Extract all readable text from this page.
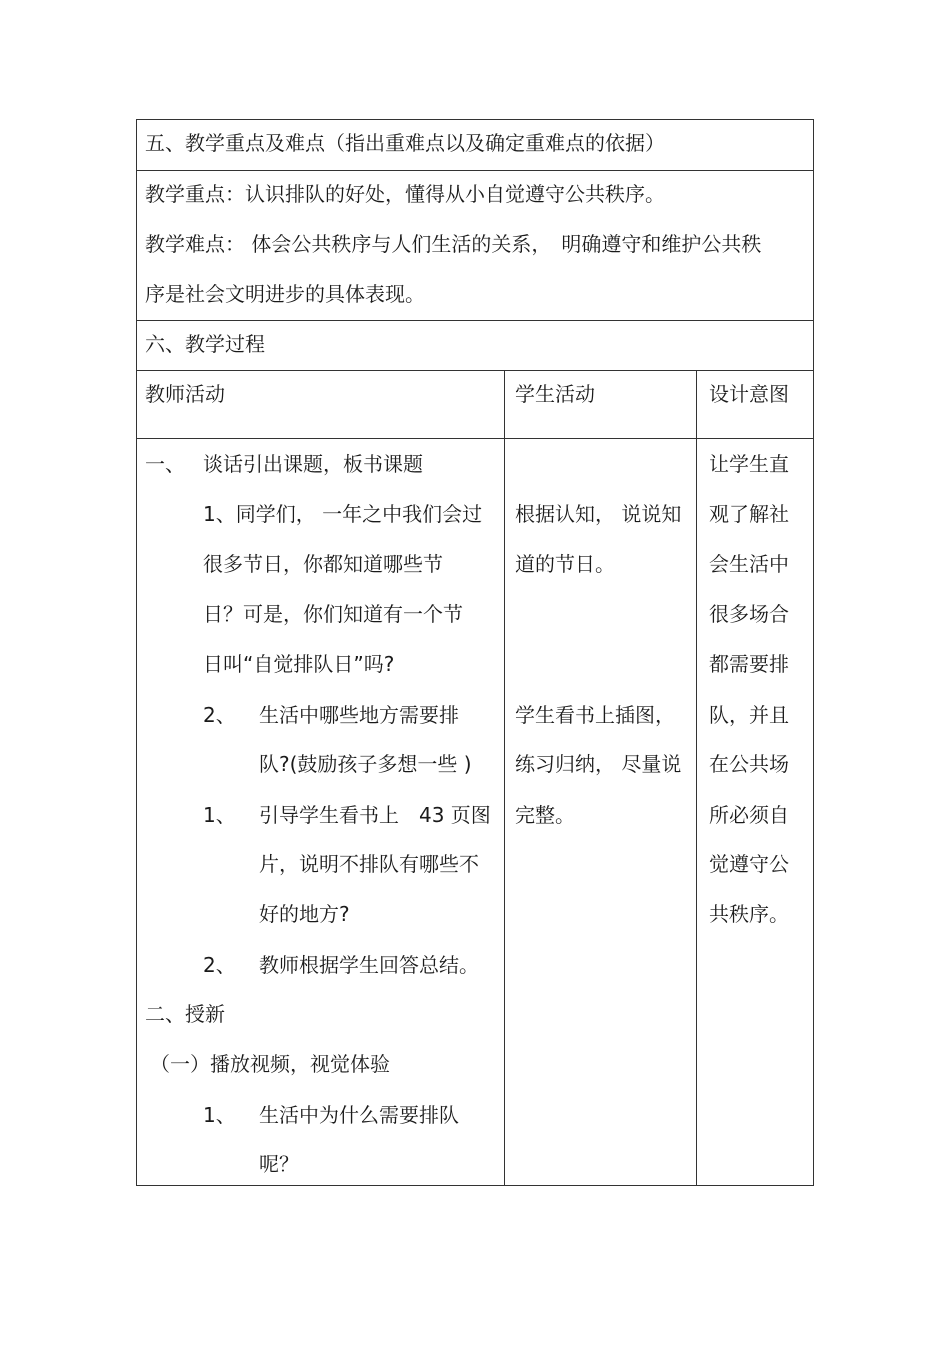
五、教学重点及难点（指出重难点以及确定重难点的依据）
教学重点：认识排队的好处，懂得从小自觉遵守公共秩序。
教学难点： 体会公共秩序与人们生活的关系，　明确遵守和维护公共秩
序是社会文明进步的具体表现。
六、教学过程
教师活动	学生活动	设计意图
一、 谈话引出课题，板书课题
1、同学们， 一年之中我们会过
很多节日，你都知道哪些节
日？可是，你们知道有一个节
日叫“自觉排队日”吗?
2、 生活中哪些地方需要排
队?(鼓励孩子多想一些 )
1、 引导学生看书上　43 页图
片，说明不排队有哪些不
好的地方?
2、 教师根据学生回答总结。
二、授新
（一）播放视频，视觉体验
1、 生活中为什么需要排队
呢？
根据认知， 说说知
道的节日。
学生看书上插图，
练习归纳， 尽量说
完整。
让学生直
观了解社
会生活中
很多场合
都需要排
队，并且
在公共场
所必须自
觉遵守公
共秩序。
